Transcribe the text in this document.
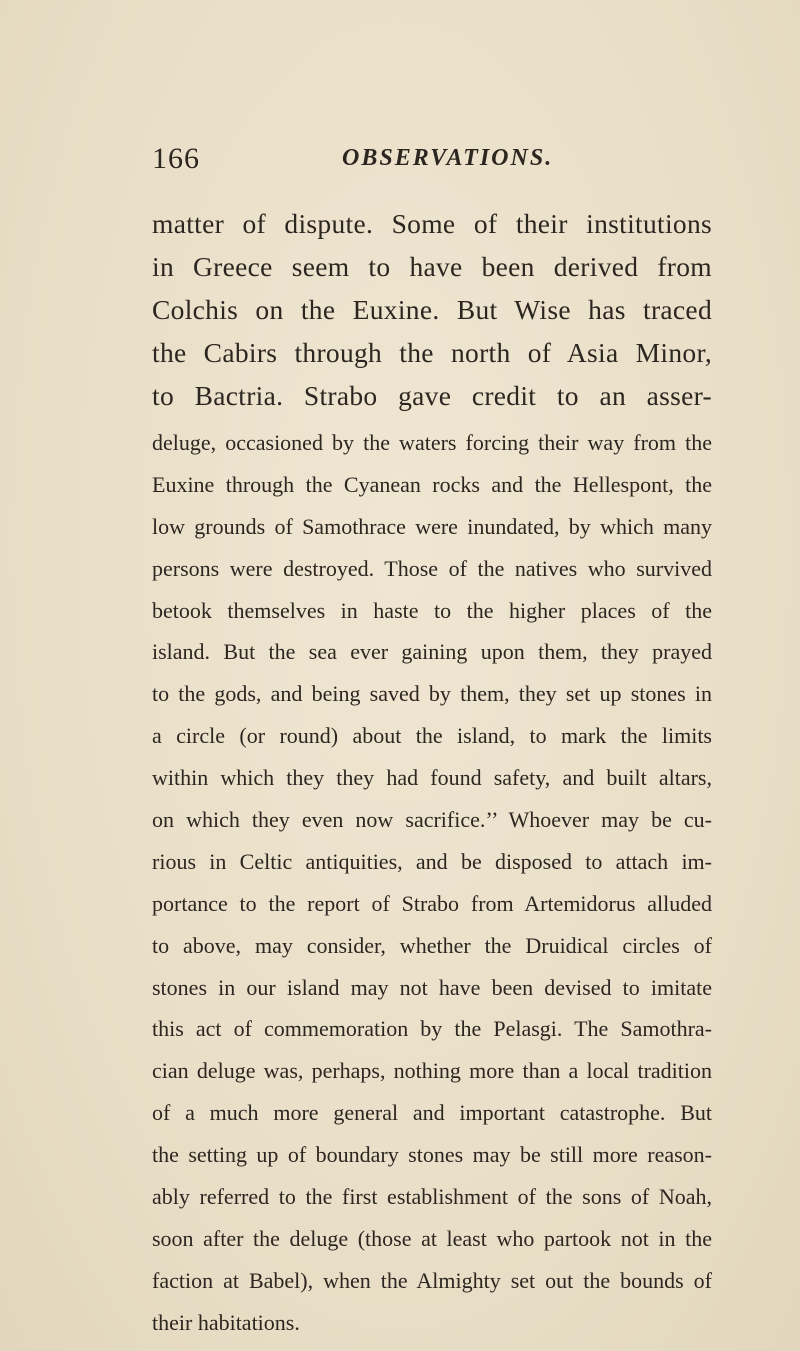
166	OBSERVATIONS.
matter of dispute. Some of their institutions
in Greece seem to have been derived from
Colchis on the Euxine. But Wise has traced
the Cabirs through the north of Asia Minor,
to Bactria. Strabo gave credit to an asser-
deluge, occasioned by the waters forcing their way from the
Euxine through the Cyanean rocks and the Hellespont, the
low grounds of Samothrace were inundated, by which many
persons were destroyed. Those of the natives who survived
betook themselves in haste to the higher places of the
island. But the sea ever gaining upon them, they prayed
to the gods, and being saved by them, they set up stones in
a circle (or round) about the island, to mark the limits
within which they they had found safety, and built altars,
on which they even now sacrifice.’’ Whoever may be cu-
rious in Celtic antiquities, and be disposed to attach im-
portance to the report of Strabo from Artemidorus alluded
to above, may consider, whether the Druidical circles of
stones in our island may not have been devised to imitate
this act of commemoration by the Pelasgi. The Samothra-
cian deluge was, perhaps, nothing more than a local tradition
of a much more general and important catastrophe. But
the setting up of boundary stones may be still more reason-
ably referred to the first establishment of the sons of Noah,
soon after the deluge (those at least who partook not in the
faction at Babel), when the Almighty set out the bounds of
their habitations.
